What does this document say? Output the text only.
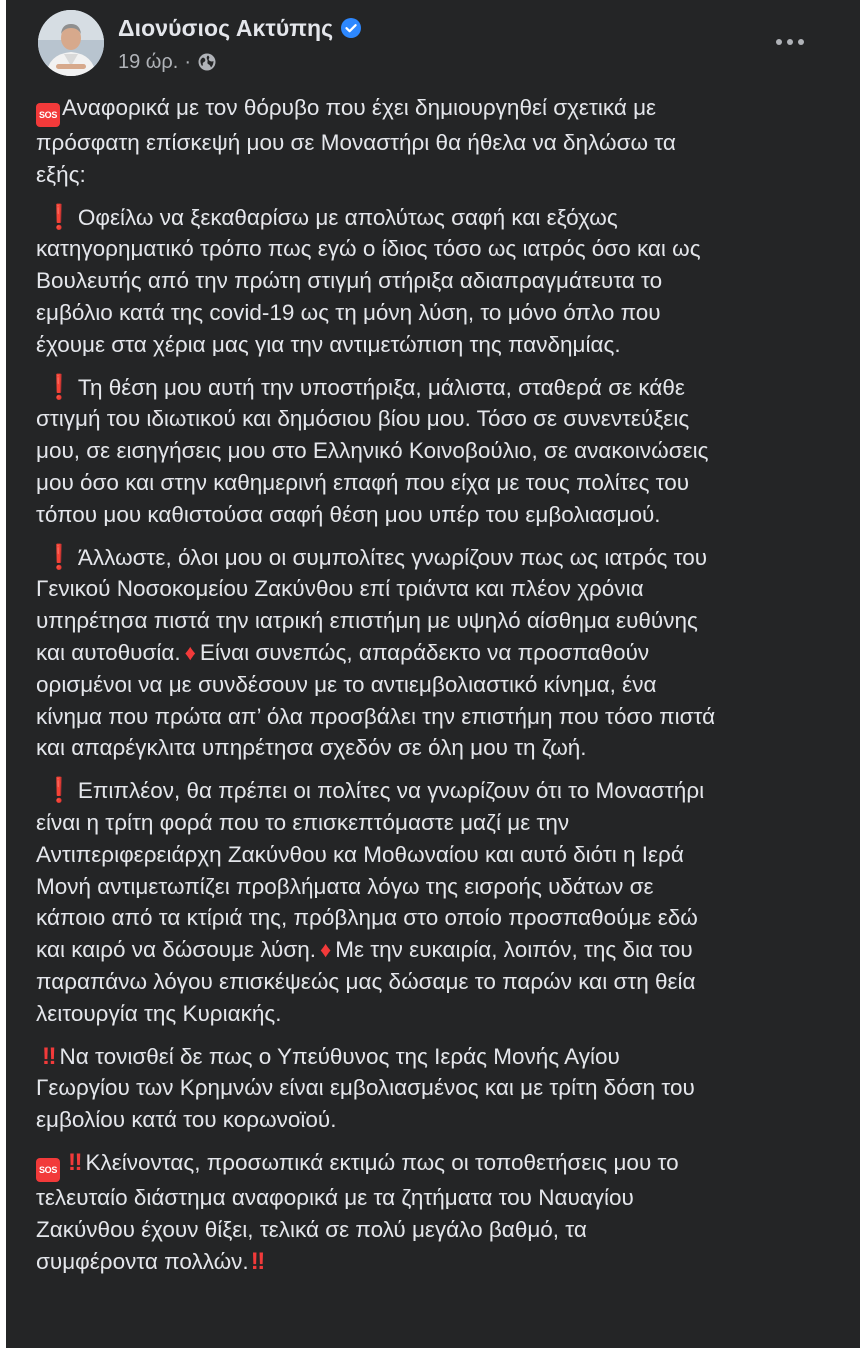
Διονύσιος Ακτύπης
19 ώρ. ·
SOS Αναφορικά με τον θόρυβο που έχει δημιουργηθεί σχετικά με
πρόσφατη επίσκεψή μου σε Μοναστήρι θα ήθελα να δηλώσω τα
εξής:
❗ Οφείλω να ξεκαθαρίσω με απολύτως σαφή και εξόχως
κατηγορηματικό τρόπο πως εγώ ο ίδιος τόσο ως ιατρός όσο και ως
Βουλευτής από την πρώτη στιγμή στήριξα αδιαπραγμάτευτα το
εμβόλιο κατά της covid-19 ως τη μόνη λύση, το μόνο όπλο που
έχουμε στα χέρια μας για την αντιμετώπιση της πανδημίας.
❗ Τη θέση μου αυτή την υποστήριξα, μάλιστα, σταθερά σε κάθε
στιγμή του ιδιωτικού και δημόσιου βίου μου. Τόσο σε συνεντεύξεις
μου, σε εισηγήσεις μου στο Ελληνικό Κοινοβούλιο, σε ανακοινώσεις
μου όσο και στην καθημερινή επαφή που είχα με τους πολίτες του
τόπου μου καθιστούσα σαφή θέση μου υπέρ του εμβολιασμού.
❗ Άλλωστε, όλοι μου οι συμπολίτες γνωρίζουν πως ως ιατρός του
Γενικού Νοσοκομείου Ζακύνθου επί τριάντα και πλέον χρόνια
υπηρέτησα πιστά την ιατρική επιστήμη με υψηλό αίσθημα ευθύνης
και αυτοθυσία. ♦ Είναι συνεπώς, απαράδεκτο να προσπαθούν
ορισμένοι να με συνδέσουν με το αντιεμβολιαστικό κίνημα, ένα
κίνημα που πρώτα απ’ όλα προσβάλει την επιστήμη που τόσο πιστά
και απαρέγκλιτα υπηρέτησα σχεδόν σε όλη μου τη ζωή.
❗ Επιπλέον, θα πρέπει οι πολίτες να γνωρίζουν ότι το Μοναστήρι
είναι η τρίτη φορά που το επισκεπτόμαστε μαζί με την
Αντιπεριφερειάρχη Ζακύνθου κα Μοθωναίου και αυτό διότι η Ιερά
Μονή αντιμετωπίζει προβλήματα λόγω της εισροής υδάτων σε
κάποιο από τα κτίριά της, πρόβλημα στο οποίο προσπαθούμε εδώ
και καιρό να δώσουμε λύση. ♦ Με την ευκαιρία, λοιπόν, της δια του
παραπάνω λόγου επισκέψεώς μας δώσαμε το παρών και στη θεία
λειτουργία της Κυριακής.
‼ Να τονισθεί δε πως ο Υπεύθυνος της Ιεράς Μονής Αγίου
Γεωργίου των Κρημνών είναι εμβολιασμένος και με τρίτη δόση του
εμβολίου κατά του κορωνοϊού.
SOS ‼ Κλείνοντας, προσωπικά εκτιμώ πως οι τοποθετήσεις μου το
τελευταίο διάστημα αναφορικά με τα ζητήματα του Ναυαγίου
Ζακύνθου έχουν θίξει, τελικά σε πολύ μεγάλο βαθμό, τα
συμφέροντα πολλών.‼
